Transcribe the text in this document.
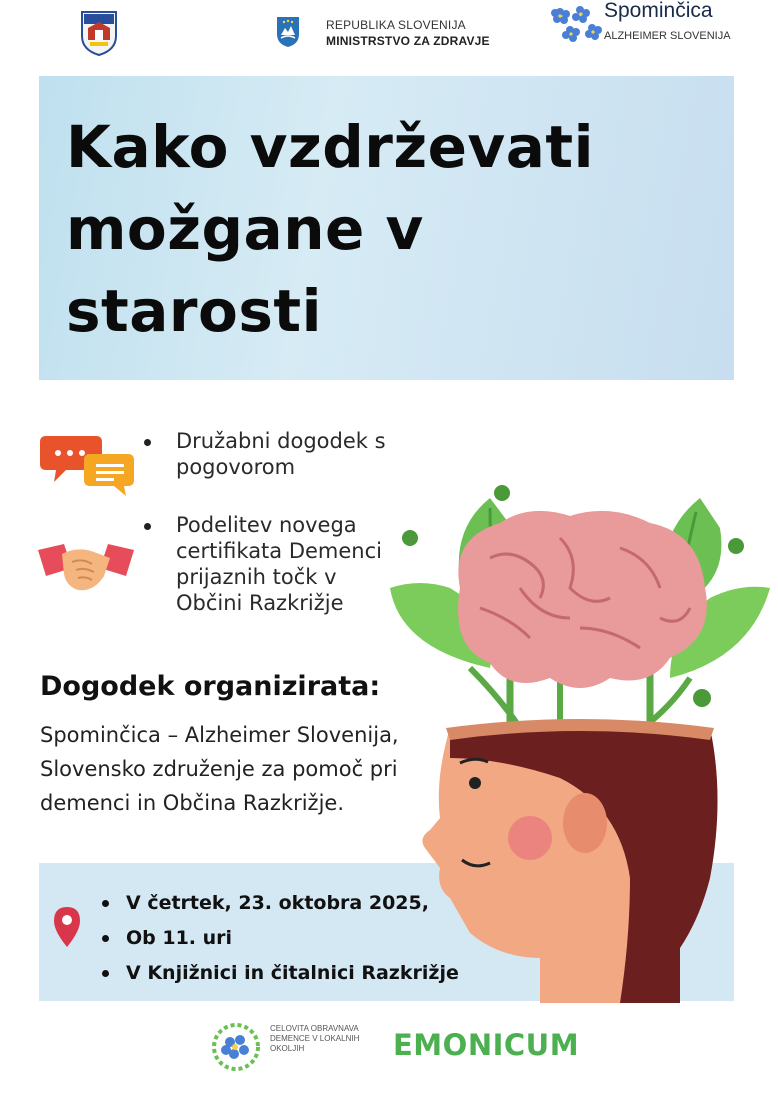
REPUBLIKA SLOVENIJA
MINISTRSTVO ZA ZDRAVJE
Spominčica
ALZHEIMER SLOVENIJA
Kako vzdrževati
možgane v
starosti
Družabni dogodek s pogovorom
Podelitev novega certifikata Demenci prijaznih točk v Občini Razkrižje
Dogodek organizirata:
Spominčica – Alzheimer Slovenija, Slovensko združenje za pomoč pri demenci in Občina Razkrižje.
V četrtek, 23. oktobra 2025,
Ob 11. uri
V Knjižnici in čitalnici Razkrižje
CELOVITA OBRAVNAVA DEMENCE V LOKALNIH OKOLJIH	EMONICUM
